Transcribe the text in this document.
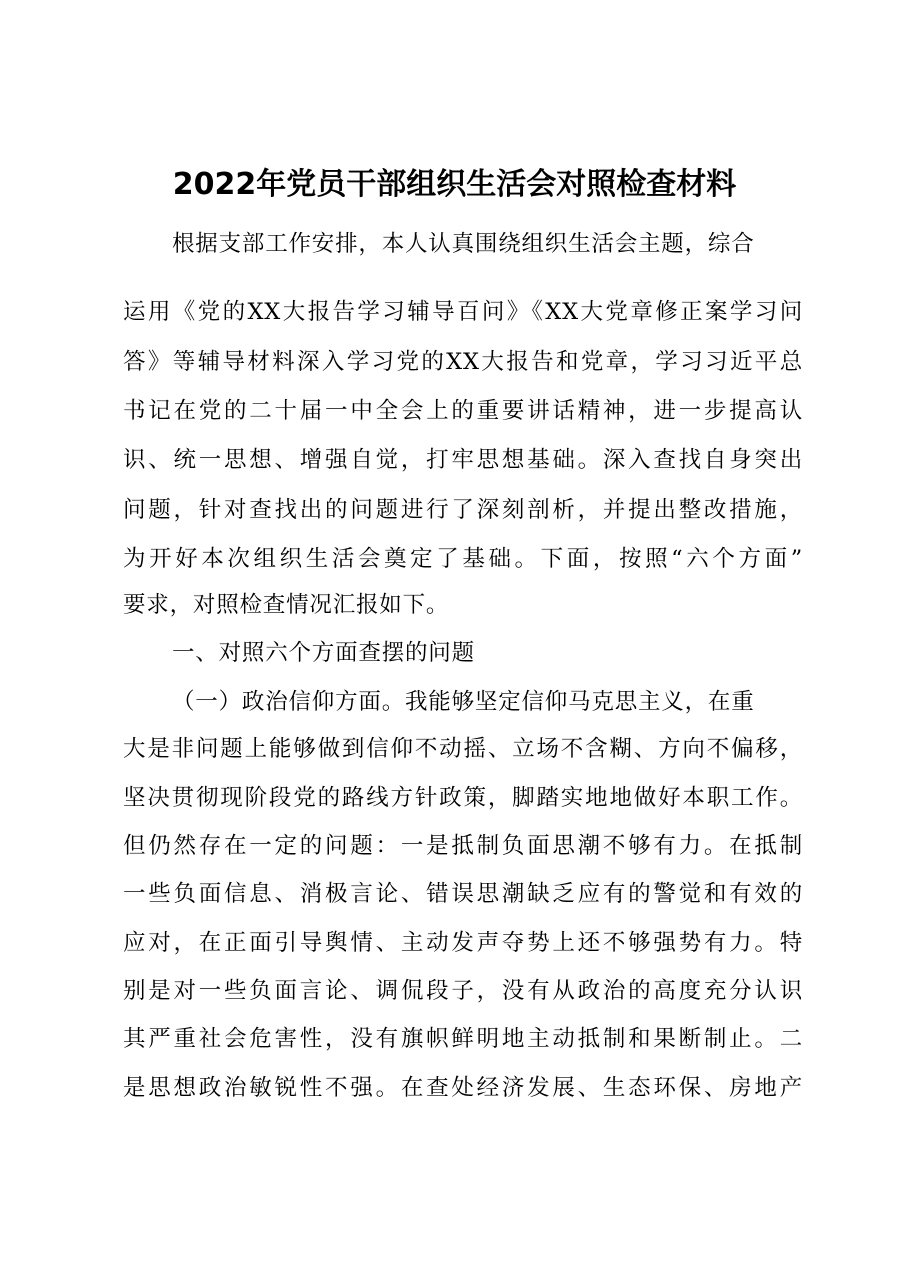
2022年党员干部组织生活会对照检查材料
根据支部工作安排，本人认真围绕组织生活会主题，综合
运用《党的XX大报告学习辅导百问》《XX大党章修正案学习问
答》等辅导材料深入学习党的XX大报告和党章，学习习近平总
书记在党的二十届一中全会上的重要讲话精神，进一步提高认
识、统一思想、增强自觉，打牢思想基础。深入查找自身突出
问题，针对查找出的问题进行了深刻剖析，并提出整改措施，
为开好本次组织生活会奠定了基础。下面，按照“六个方面”
要求，对照检查情况汇报如下。
一、对照六个方面查摆的问题
（一）政治信仰方面。我能够坚定信仰马克思主义，在重
大是非问题上能够做到信仰不动摇、立场不含糊、方向不偏移，
坚决贯彻现阶段党的路线方针政策，脚踏实地地做好本职工作。
但仍然存在一定的问题：一是抵制负面思潮不够有力。在抵制
一些负面信息、消极言论、错误思潮缺乏应有的警觉和有效的
应对，在正面引导舆情、主动发声夺势上还不够强势有力。特
别是对一些负面言论、调侃段子，没有从政治的高度充分认识
其严重社会危害性，没有旗帜鲜明地主动抵制和果断制止。二
是思想政治敏锐性不强。在查处经济发展、生态环保、房地产
